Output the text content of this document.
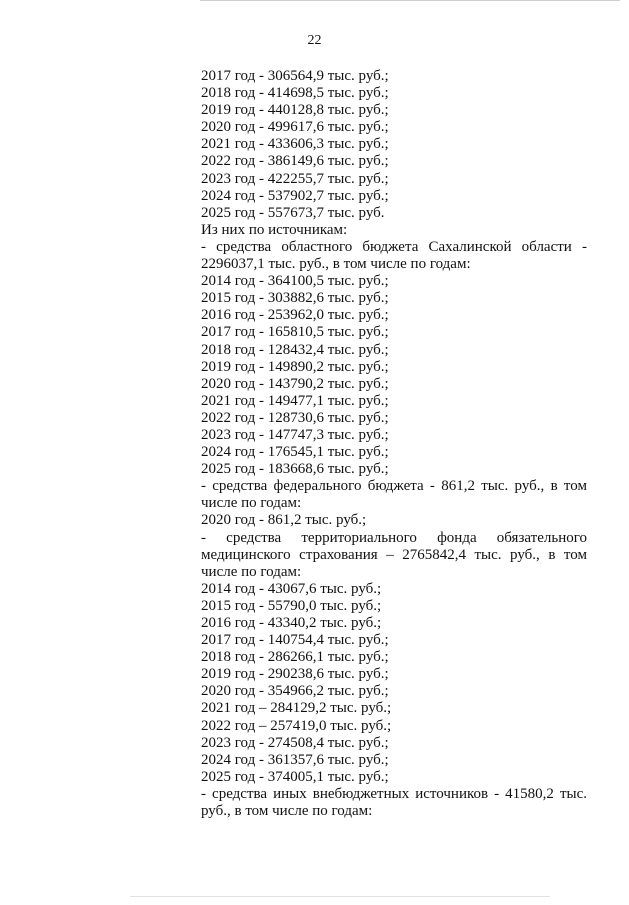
22
2017 год - 306564,9 тыс. руб.;
2018 год - 414698,5 тыс. руб.;
2019 год - 440128,8 тыс. руб.;
2020 год - 499617,6 тыс. руб.;
2021 год - 433606,3 тыс. руб.;
2022 год - 386149,6 тыс. руб.;
2023 год - 422255,7 тыс. руб.;
2024 год - 537902,7 тыс. руб.;
2025 год - 557673,7 тыс. руб.
Из них по источникам:
- средства областного бюджета Сахалинской области - 2296037,1 тыс. руб., в том числе по годам:
2014 год - 364100,5 тыс. руб.;
2015 год - 303882,6 тыс. руб.;
2016 год - 253962,0 тыс. руб.;
2017 год - 165810,5 тыс. руб.;
2018 год - 128432,4 тыс. руб.;
2019 год - 149890,2 тыс. руб.;
2020 год - 143790,2 тыс. руб.;
2021 год - 149477,1 тыс. руб.;
2022 год - 128730,6 тыс. руб.;
2023 год - 147747,3 тыс. руб.;
2024 год - 176545,1 тыс. руб.;
2025 год - 183668,6 тыс. руб.;
- средства федерального бюджета - 861,2 тыс. руб., в том числе по годам:
2020 год - 861,2 тыс. руб.;
- средства территориального фонда обязательного медицинского страхования – 2765842,4 тыс. руб., в том числе по годам:
2014 год - 43067,6 тыс. руб.;
2015 год - 55790,0 тыс. руб.;
2016 год - 43340,2 тыс. руб.;
2017 год - 140754,4 тыс. руб.;
2018 год - 286266,1 тыс. руб.;
2019 год - 290238,6 тыс. руб.;
2020 год - 354966,2 тыс. руб.;
2021 год – 284129,2 тыс. руб.;
2022 год – 257419,0 тыс. руб.;
2023 год - 274508,4 тыс. руб.;
2024 год - 361357,6 тыс. руб.;
2025 год - 374005,1 тыс. руб.;
- средства иных внебюджетных источников - 41580,2 тыс. руб., в том числе по годам:
